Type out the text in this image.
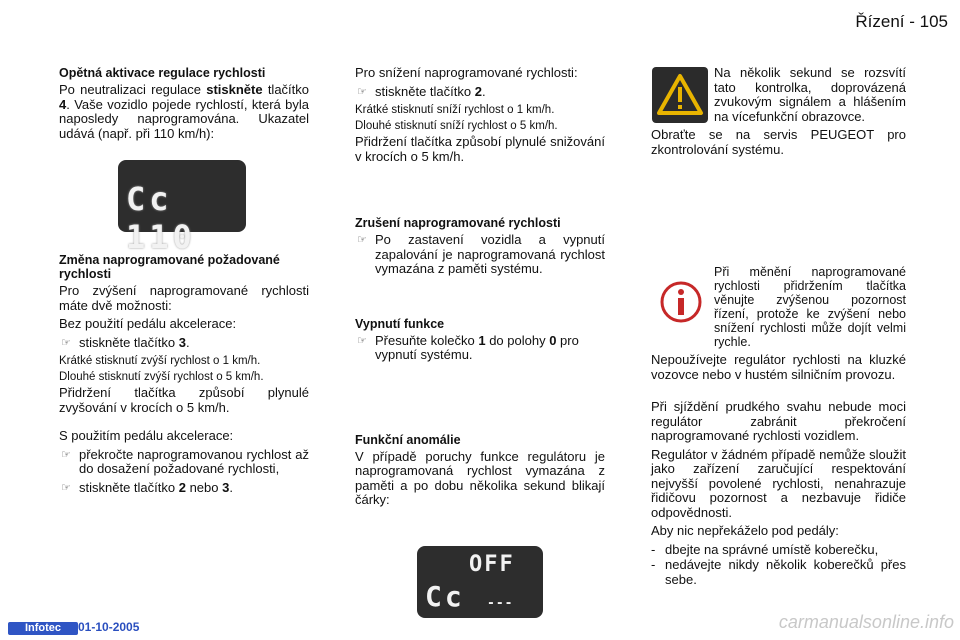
Řízení - 105
Opětná aktivace regulace rychlosti

Po neutralizaci regulace stiskněte tlačítko 4. Vaše vozidlo pojede rychlostí, která byla naposledy naprogramována. Ukazatel udává (např. při 110 km/h):

Změna naprogramované požadované rychlosti

Pro zvýšení naprogramované rychlosti máte dvě možnosti:

Bez použití pedálu akcelerace:

☞ stiskněte tlačítko 3.

Krátké stisknutí zvýší rychlost o 1 km/h.

Dlouhé stisknutí zvýší rychlost o 5 km/h.

Přidržení tlačítka způsobí plynulé zvyšování v krocích o 5 km/h.

S použitím pedálu akcelerace:

☞ překročte naprogramovanou rychlost až do dosažení požadované rychlosti,
☞ stiskněte tlačítko 2 nebo 3.
Cc 110

Pro snížení naprogramované rychlosti:

☞ stiskněte tlačítko 2.

Krátké stisknutí sníží rychlost o 1 km/h.

Dlouhé stisknutí sníží rychlost o 5 km/h.

Přidržení tlačítka způsobí plynulé snižování v krocích o 5 km/h.

Zrušení naprogramované rychlosti
☞ Po zastavení vozidla a vypnutí zapalování je naprogramovaná rychlost vymazána z paměti systému.
Vypnutí funkce
☞ Přesuňte kolečko 1 do polohy 0 pro vypnutí systému.
Funkční anomálie

V případě poruchy funkce regulátoru je naprogramovaná rychlost vymazána z paměti a po dobu několika sekund blikají čárky:

OFF
Cc ---

Na několik sekund se rozsvítí tato kontrolka, doprovázená zvukovým signálem a hlášením na vícefunkční obrazovce.

Obraťte se na servis PEUGEOT pro zkontrolování systému.

Při měnění naprogramované rychlosti přidržením tlačítka věnujte zvýšenou pozornost řízení, protože ke zvýšení nebo snížení rychlosti může dojít velmi rychle.

Nepoužívejte regulátor rychlosti na kluzké vozovce nebo v hustém silničním provozu.

Při sjíždění prudkého svahu nebude moci regulátor zabránit překročení naprogramované rychlosti vozidlem.

Regulátor v žádném případě nemůže sloužit jako zařízení zaručující respektování nejvyšší povolené rychlosti, nenahrazuje řidičovu pozornost a nezbavuje řidiče odpovědnosti.

Aby nic nepřekáželo pod pedály:

- dbejte na správné umístě koberečku,
- nedávejte nikdy několik koberečků přes sebe.
Infotec	01-10-2005	carmanualsonline.info
